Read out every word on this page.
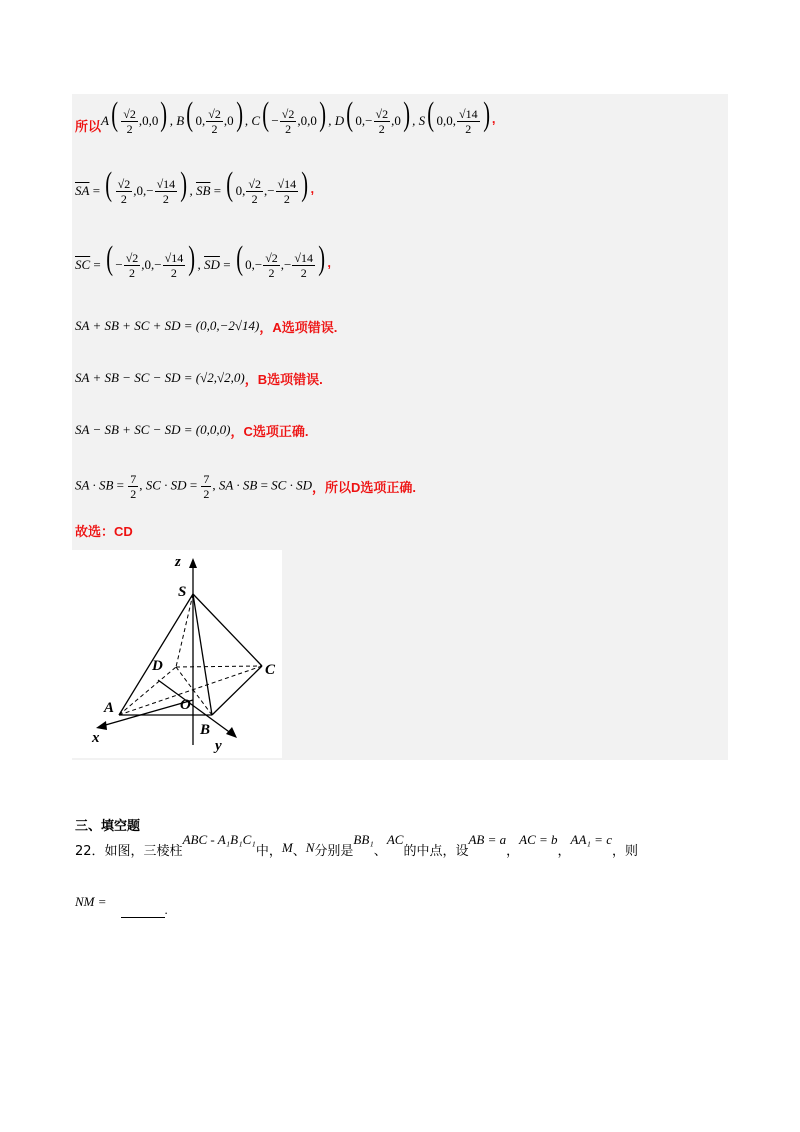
所以 $A( \frac{√2}{2} ,0,0)$ , B( 0, $\frac{√2}{2} ,0$) , $C( - \frac{√2}{2} ,0,0)$ , D( $0,- \frac{√2}{2} ,0$) , S( 0,0, $\frac{√14}{2}$ ) ,
$\overline{SA}$ = ( $\frac{√2}{2} ,0,- \frac{√14}{2}$ ) , $\overline{SB}$ = ( 0, $\frac{√2}{2}$ ,− $\frac{√14}{2}$ ) ,
$\overline{SC}$ = ( − $\frac{√2}{2} ,0,- \frac{√14}{2}$ ) , $\overline{SD}$ = ( $0,- \frac{√2}{2}$ ,− $\frac{√14}{2}$ ) ,
SA + SB + SC + SD = (0,0,−2√14) ，A选项错误.
SA + SB − SC − SD = (√2,√2,0) ，B选项错误.
SA − SB + SC − SD = (0,0,0) ，C选项正确.
SA · SB = $\frac{7}{2}$ , SC · SD = $\frac{7}{2}$ , SA · SB = SC · SD ，所以D选项正确.
故选：CD
z
S
D	C
A	O
B
x	y
三、填空题
22． 如图，三棱柱
ABC - A₁B₁C₁
中， M 、 N 分别是
BB₁
、
AC
的中点，设
AB = a
，
AC = b
，
AA₁ = c
，则
NM =
.
